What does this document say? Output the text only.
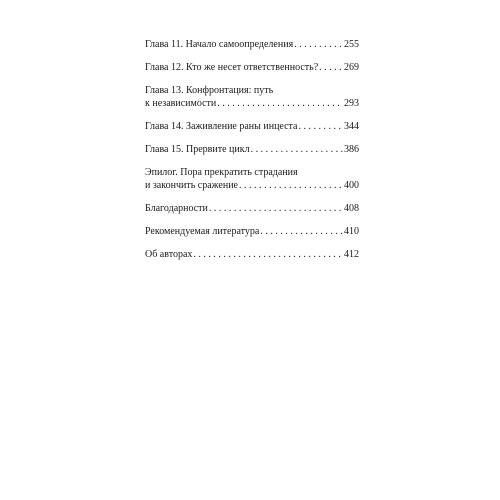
Глава 11. Начало самоопределения . . .	255
Глава 12. Кто же несет ответственность? . . .	269
Глава 13. Конфронтация: путь
к независимости . . .	293
Глава 14. Заживление раны инцеста . . .	344
Глава 15. Прервите цикл . . .	386
Эпилог. Пора прекратить страдания
и закончить сражение . . .	400
Благодарности . . .	408
Рекомендуемая литература . . .	410
Об авторах . . .	412
